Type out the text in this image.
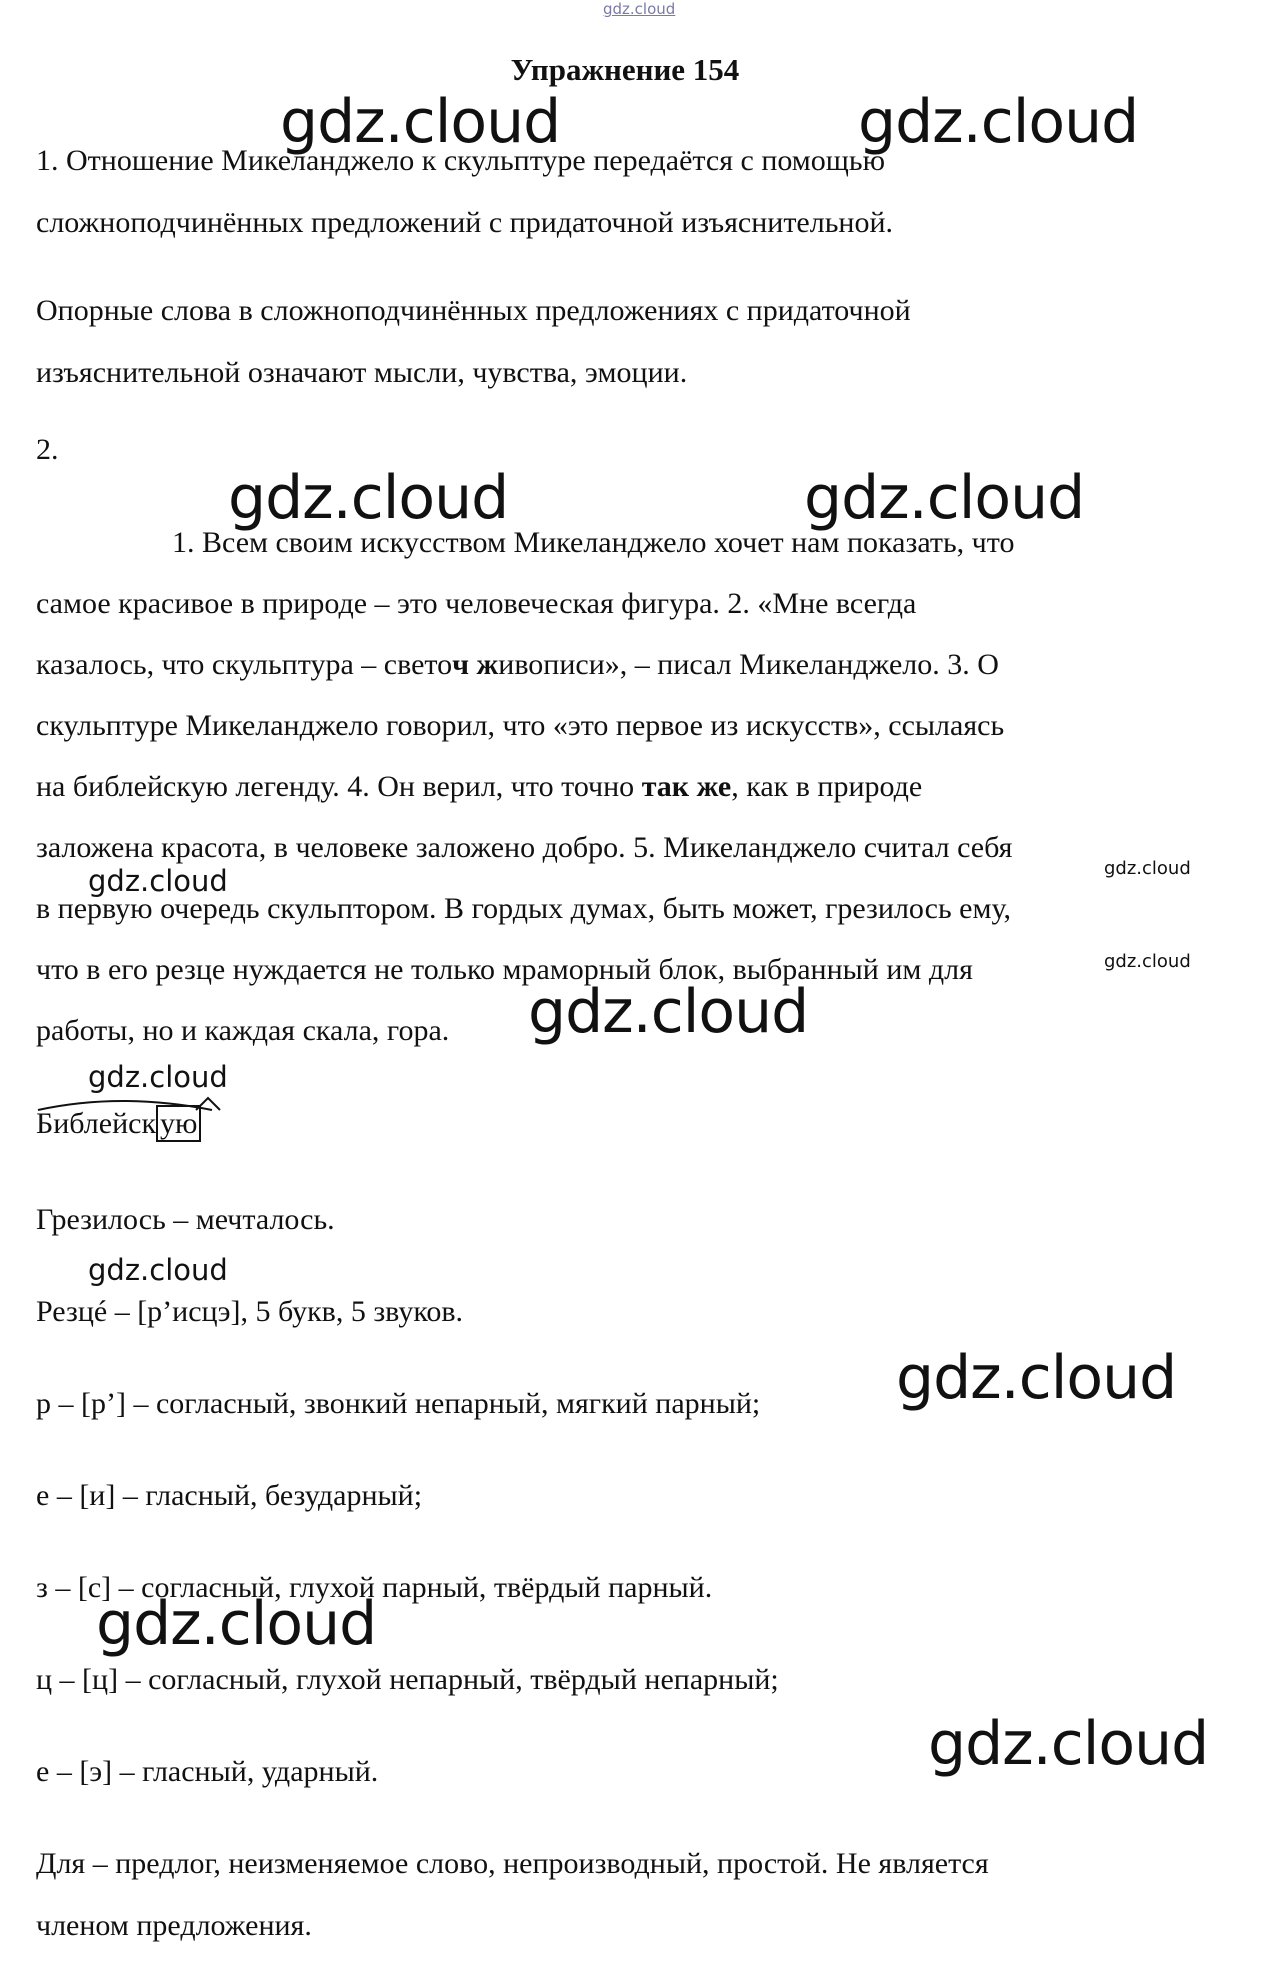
gdz.cloud
Упражнение 154
1. Отношение Микеланджело к скульптуре передаётся с помощью
сложноподчинённых предложений с придаточной изъяснительной.
Опорные слова в сложноподчинённых предложениях с придаточной
изъяснительной означают мысли, чувства, эмоции.
2.
1. Всем своим искусством Микеланджело хочет нам показать, что
самое красивое в природе – это человеческая фигура. 2. «Мне всегда
казалось, что скульптура – светоч живописи», – писал Микеланджело. 3. О
скульптуре Микеланджело говорил, что «это первое из искусств», ссылаясь
на библейскую легенду. 4. Он верил, что точно так же, как в природе
заложена красота, в человеке заложено добро. 5. Микеланджело считал себя
в первую очередь скульптором. В гордых думах, быть может, грезилось ему,
что в его резце нуждается не только мраморный блок, выбранный им для
работы, но и каждая скала, гора.
Библейск ую
Грезилось – мечталось.
Резцé – [р’исцэ], 5 букв, 5 звуков.
р – [р’] – согласный, звонкий непарный, мягкий парный;
е – [и] – гласный, безударный;
з – [с] – согласный, глухой парный, твёрдый парный.
ц – [ц] – согласный, глухой непарный, твёрдый непарный;
е – [э] – гласный, ударный.
Для – предлог, неизменяемое слово, непроизводный, простой. Не является
членом предложения.
gdz.cloud	gdz.cloud
gdz.cloud	gdz.cloud
gdz.cloud	gdz.cloud
gdz.cloud
gdz.cloud
gdz.cloud
gdz.cloud
gdz.cloud
gdz.cloud
gdz.cloud
